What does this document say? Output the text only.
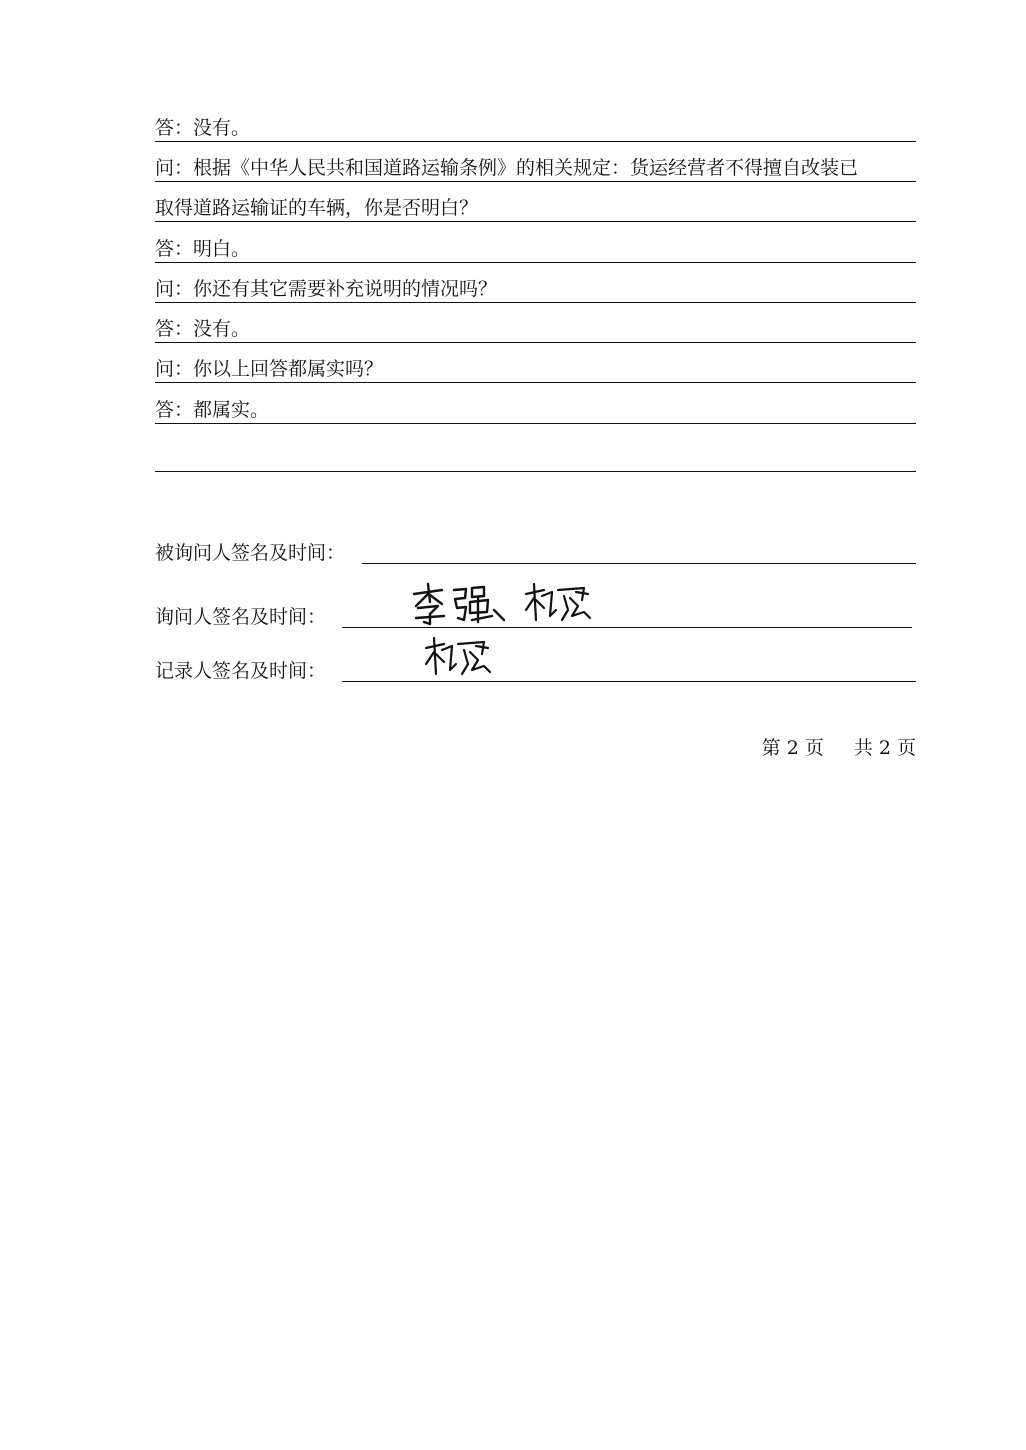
答：没有。
问：根据《中华人民共和国道路运输条例》的相关规定：货运经营者不得擅自改装已
取得道路运输证的车辆，你是否明白？
答：明白。
问：你还有其它需要补充说明的情况吗？
答：没有。
问：你以上回答都属实吗？
答：都属实。
被询问人签名及时间：
询问人签名及时间：
记录人签名及时间：
第 2 页 共 2 页
